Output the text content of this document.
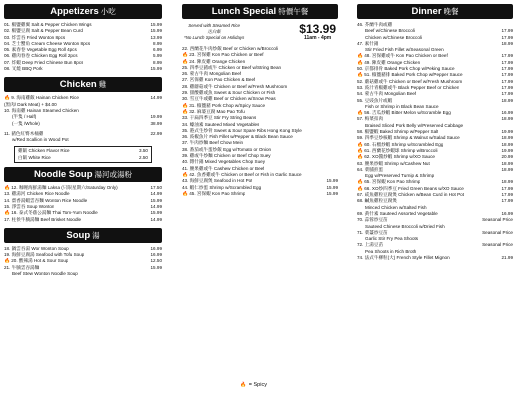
Appetizers 小吃
01. 椒鹽雞翼 Salt & Pepper Chicken Wings	15.99
02. 椒鹽豆腐 Salt & Pepper Bean Curd	15.99
03. 炸雲吞 Fried Wonton 8pcs	13.99
04. 芝士蟹角 Cream Cheese Wonton 8pcs	8.99
05. 素春卷 Vegetable Egg Roll 4pcs	6.99
06. 雞肉春卷 Chicken Egg Roll 2pcs	5.99
07. 炸蝦 Deep Fried Chinese Bun 8pcs	8.99
08. 叉燒 BBQ Pork	15.99
Chicken 雞
🔥9. 海南雞飯 Hainan Chicken Rice	14.99
(黑肉/ Dark Meat) + $4.00
10. 海南雞 Hainan Steamed Chicken
(半隻 / Half)	19.99
(一隻 /Whole)	38.99
11. 豬色紅臀木桶雞	22.99
w/Red Scallion in Wood Pot
雞飯 Chicken Flavor Rice	3.50
白飯 White Rice	2.50
Noodle Soup 湯河或湯粉
🔥12. 咖喱海鮮湯麵 Laksa (只限星期六/Saturday Only)	17.50
13. 雞湯河 Chicken Rice Noodle	14.99
14. 齋香湯蝦雲吞麵 Wonton Rice Noodle	15.99
15. 淨雲吞 Soup Wonton	14.99
🔥16. 泰式冬蔭公湯麵 Thai Tom-Yum Noodle	15.99
17. 柱侯牛腩湯麵 Beef Brisket Noodle	14.99
Soup 湯
18. 鍋雲吞湯 Wor Wonton Soup	16.99
19. 海鮮豆腐湯 Seafood with Tofu Soup	16.99
🔥20. 酸辣湯 Hot & Sour Soup	12.50
21. 牛腩雲吞湯麵	15.99
Beef Stew Wonton Noodle Soup
Lunch Special 特價午餐
Served with Steamed Rice
送白飯
*No Lunch Special on Holidays
$13.99
11am - 4pm
22. 西蘭花牛肉炒飯 Beef or Chicken w/Broccoli
🔥23. 宮保雞 Kon Pao Chicken or Beef
🔥24. 陳皮雞 Orange Chicken
25. 四季豆豬或牛 Chicken or Beef w/String Bean
26. 蒙古牛肉 Mongolian Beef
27. 宮保雞 Kon Pao Chicken & Beef
28. 雞蘑菇或牛 Chicken or Beef w/Fresh Mushroom
29. 甜酸雞或魚 Sweet & Sour Chicken or Fish
30. 雪豆牛或雞 Beef or Chicken w/Snow Peas
🔥31. 椒鹽豬 Pork Chop w/Spicy Sauce
🔥32. 麻婆豆腐 Mao Pao Tofu
33. 干扁四季豆 Stir Fry String Beans
34. 蠔油素 Sauteed Mixed Vegetables
35. 港式生炒骨 Sweet & Sour Spare Ribs Hong Kong Style
36. 豉椒魚片 Fish Fillet w/Pepper & Black Bean Sauce
37. 牛肉炒麵 Beef Chow Mein
38. 番茄或牛蛋炒飯 Egg w/Tomato or Onion
39. 雞或牛炒麵 Chicken or Beef Chop Suey
40. 雜什錦 Mixed Vegetables Chop Suey
41. 腰果雞或牛 Cashew Chicken or Beef
🔥42. 魚香雞或牛 Chicken or Beef or Fish in Garlic Sauce
43. 海鮮豆腐煲 Seafood in Hot Pot	15.99
44. 蝦仁炒蛋 Shrimp w/Scrambled Egg	15.99
🔥45. 宮保蝦 Kon Pao Shrimp	15.99
Dinner 晚餐
46. 芥蘭牛肉或雞
Beef w/Chinese Broccoli	17.99
Chicken w/Chinese Broccoli	17.99
47. 素什錦	18.99
Stir Fried Fish Fillet w/Seasonal Green
🔥48. 宮保雞或牛 Kon Pao Chicken or Beef	17.99
🔥49. 陳皮雞 Orange Chicken	17.99
50. 京都排骨 Baked Pork Chop w/Peking Sauce	17.99
🔥51. 椒鹽豬排 Baked Pork Chop w/Pepper Sauce	17.99
52. 蘑菇雞或牛 Chicken or Beef w/Fresh Mushroom	17.99
53. 豉汁青椒雞或牛 Black Pepper Beef or Chicken	17.99
54. 蒙古牛肉 Mongolian Beef	17.99
55. 豆豉魚片或蝦	18.99
Fish or Shrimp in Black Bean Sauce
🔥56. 吉瓜炒蝦 Bitter Melon w/Scramble Egg	16.99
57. 梅菜扣肉	18.99
Braised Sliced Pork Belly w/Preserved Cabbage
58. 椒鹽蝦 Baked Shrimp w/Pepper Salt	19.99
59. 四季豆炒核蝦 Shrimp & Walnut w/Salad Sauce	18.99
🔥60. 石榴炒蝦 Shrimp w/Scrambled Egg	18.99
🔥61. 西蘭花炒蝦球 Shrimp w/Broccoli	19.99
🔥62. XO醬炒蝦 Shrimp w/XO Sauce	20.99
63. 腰果炒蝦 Shrimp w/Cashew Nut	18.99
64. 菜脯煎蛋	18.99
Egg w/Preserved Turnip & Shrimp
🔥65. 宮保蝦 Kon Pao Shrimp	18.99
🔥66. XO炒四季豆 Fried Green Beans w/XO Sauce	17.99
67. 咸魚雞粒豆腐煲 Chicken w/Bean Curd in Hot Pot	17.99
68. 鹹魚雞粒豆腐煲	17.99
Minced Chicken w/Salted Fish
69. 黃什素 Sauteed Assorted Vegetable	16.99
70. 蒜蓉炒豆苗	Seasonal Price
Sauteed Chinese Broccoli w/Dried Fish
71. 菜薹炒豆苗	Seasonal Price
Garlic Stir Fry Pea Shoots
72. 上湯豆苗	Seasonal Price
Pea Shoots in Rich Broth
74. 法式牛柳粒(大) French Style Fillet Mignon	21.99
🔥 = Spicy
